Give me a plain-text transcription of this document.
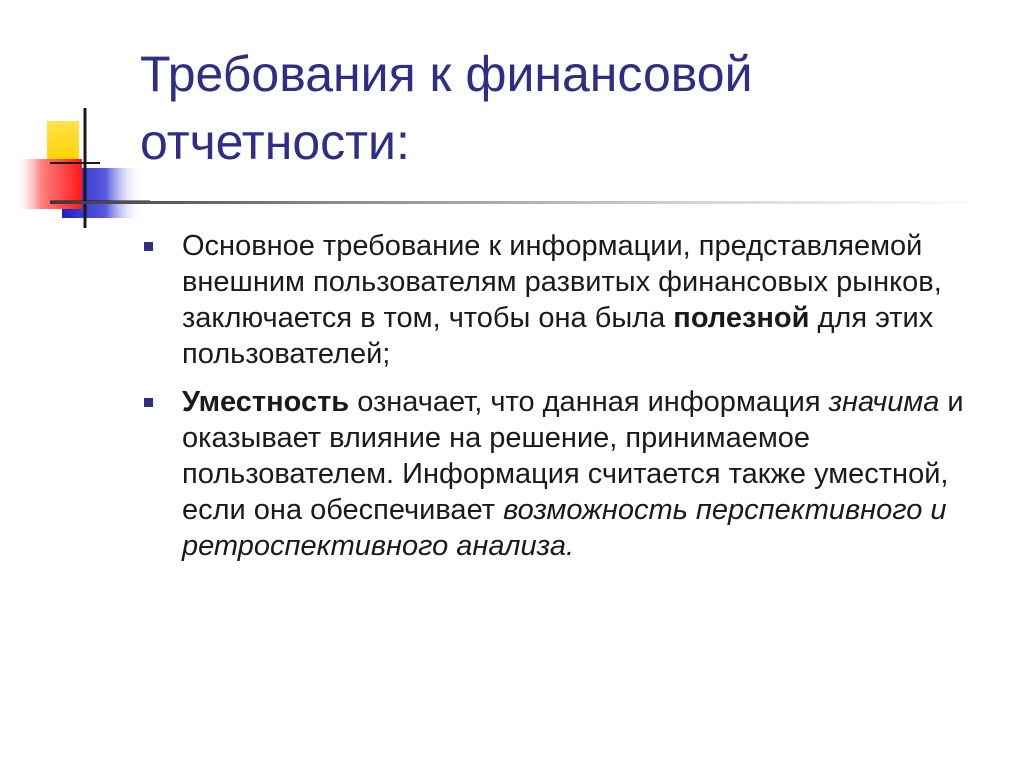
Требования к финансовой отчетности:
Основное требование к информации, представляемой внешним пользователям развитых финансовых рынков, заключается в том, чтобы она была полезной для этих пользователей;
Уместность означает, что данная информация значима и оказывает влияние на решение, принимаемое пользователем. Информация считается также уместной, если она обеспечивает возможность перспективного и ретроспективного анализа.
